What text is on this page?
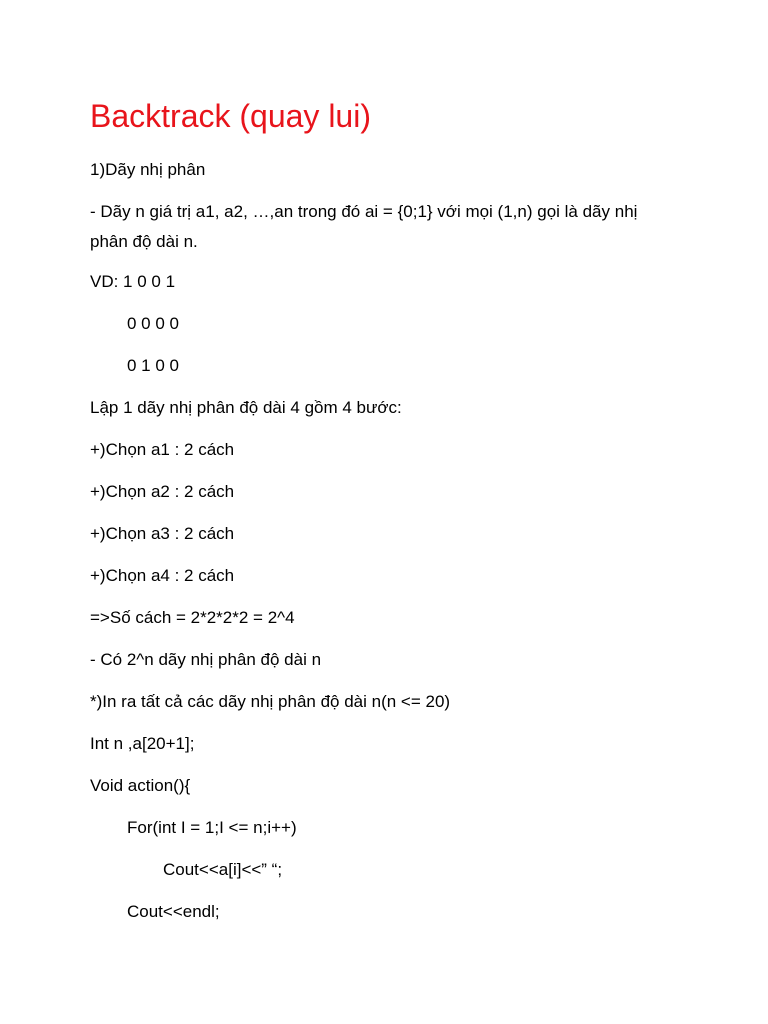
Backtrack (quay lui)
1)Dãy nhị phân
- Dãy n giá trị a1, a2, …,an trong đó ai = {0;1} với mọi (1,n) gọi là dãy nhị
phân độ dài n.
VD: 1 0 0 1
0 0 0 0
0 1 0 0
Lập 1 dãy nhị phân độ dài 4 gồm 4 bước:
+)Chọn a1 : 2 cách
+)Chọn a2 : 2 cách
+)Chọn a3 : 2 cách
+)Chọn a4 : 2 cách
=>Số cách = 2*2*2*2 = 2^4
- Có 2^n dãy nhị phân độ dài n
*)In ra tất cả các dãy nhị phân độ dài n(n <= 20)
Int n ,a[20+1];
Void action(){
For(int I = 1;I <= n;i++)
Cout<<a[i]<<” “;
Cout<<endl;
